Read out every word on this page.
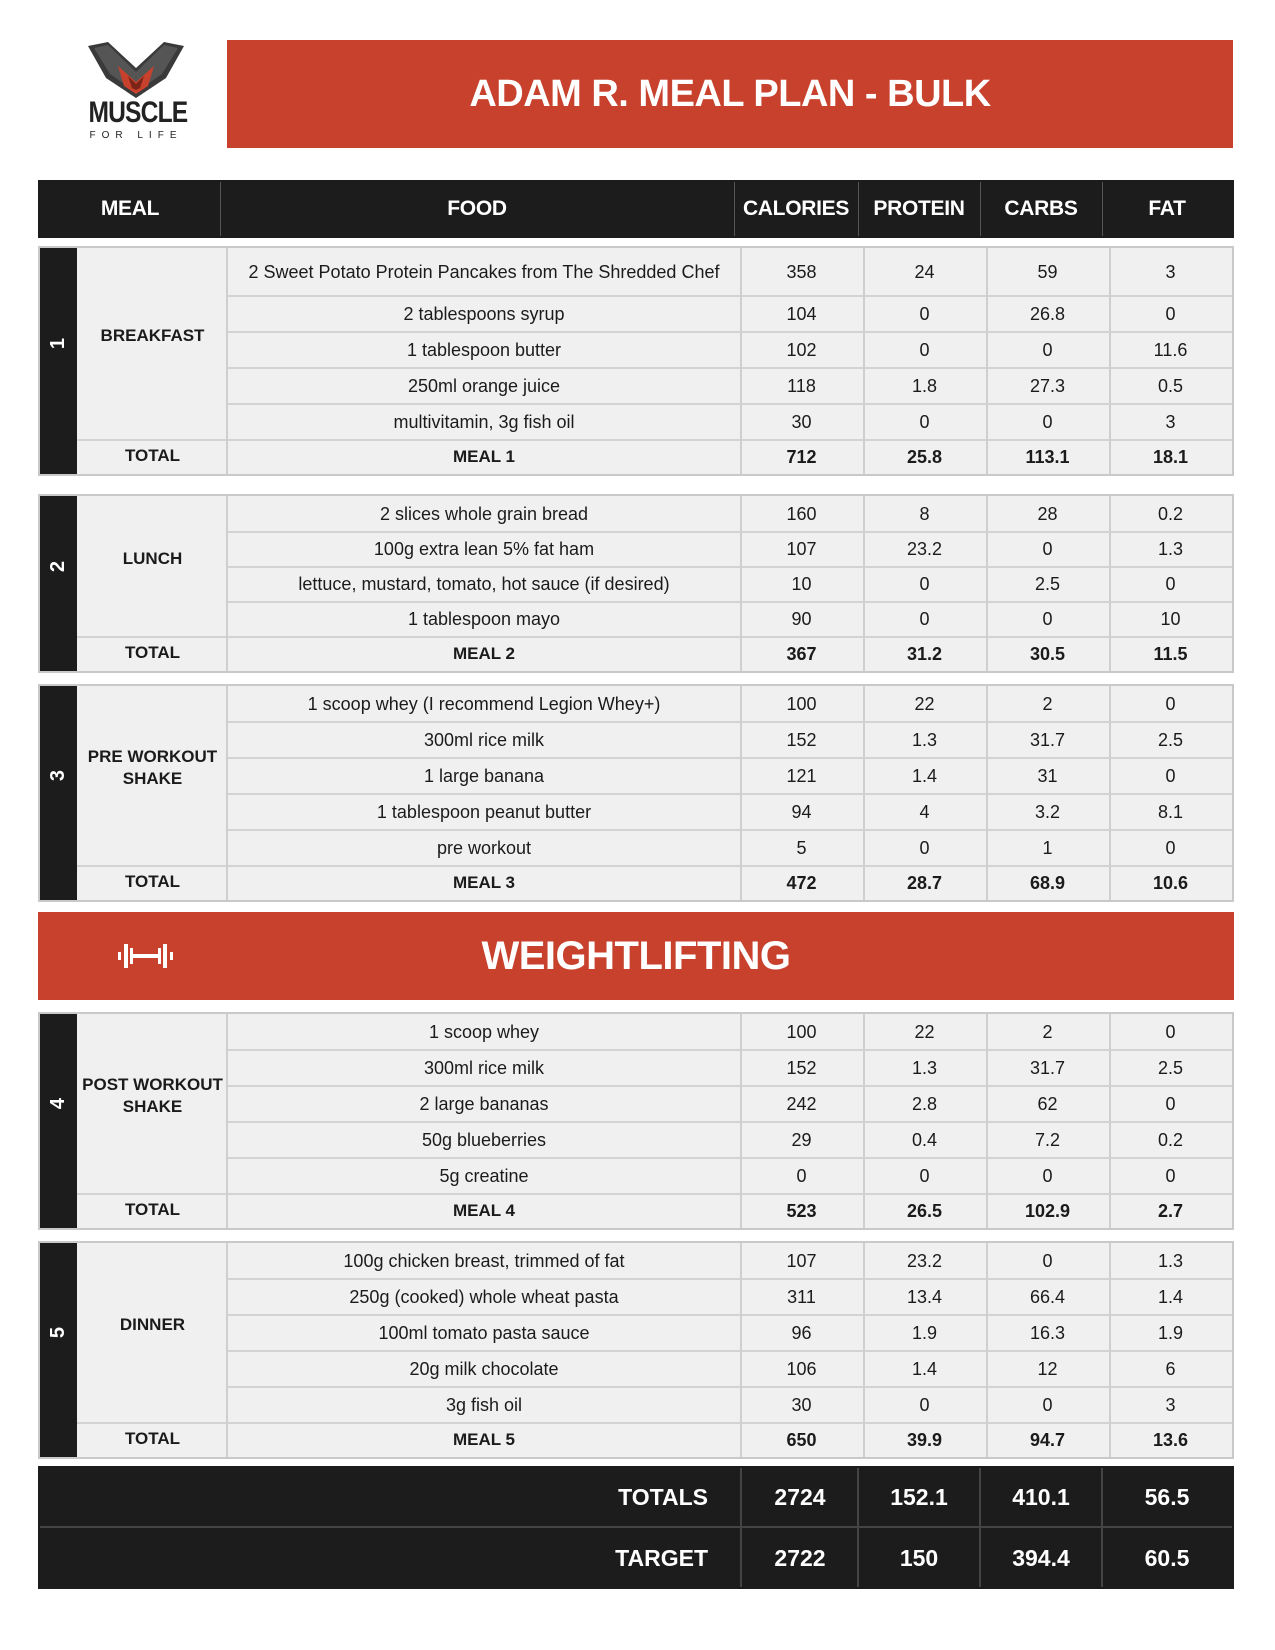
MUSCLE
FOR LIFE
ADAM R. MEAL PLAN - BULK
MEAL	FOOD	CALORIES	PROTEIN	CARBS	FAT
1	BREAKFAST
2 Sweet Potato Protein Pancakes from The Shredded Chef	358	24	59	3
2 tablespoons syrup	104	0	26.8	0
1 tablespoon butter	102	0	0	11.6
250ml orange juice	118	1.8	27.3	0.5
multivitamin, 3g fish oil	30	0	0	3
TOTAL	MEAL 1	712	25.8	113.1	18.1
2	LUNCH
2 slices whole grain bread	160	8	28	0.2
100g extra lean 5% fat ham	107	23.2	0	1.3
lettuce, mustard, tomato, hot sauce (if desired)	10	0	2.5	0
1 tablespoon mayo	90	0	0	10
TOTAL	MEAL 2	367	31.2	30.5	11.5
3
PRE WORKOUT SHAKE
1 scoop whey (I recommend Legion Whey+)	100	22	2	0
300ml rice milk	152	1.3	31.7	2.5
1 large banana	121	1.4	31	0
1 tablespoon peanut butter	94	4	3.2	8.1
pre workout	5	0	1	0
TOTAL	MEAL 3	472	28.7	68.9	10.6
4
POST WORKOUT SHAKE
1 scoop whey	100	22	2	0
300ml rice milk	152	1.3	31.7	2.5
2 large bananas	242	2.8	62	0
50g blueberries	29	0.4	7.2	0.2
5g creatine	0	0	0	0
TOTAL	MEAL 4	523	26.5	102.9	2.7
5	DINNER
100g chicken breast, trimmed of fat	107	23.2	0	1.3
250g (cooked) whole wheat pasta	311	13.4	66.4	1.4
100ml tomato pasta sauce	96	1.9	16.3	1.9
20g milk chocolate	106	1.4	12	6
3g fish oil	30	0	0	3
TOTAL	MEAL 5	650	39.9	94.7	13.6
WEIGHTLIFTING
TOTALS	2724	152.1	410.1	56.5
TARGET	2722	150	394.4	60.5
